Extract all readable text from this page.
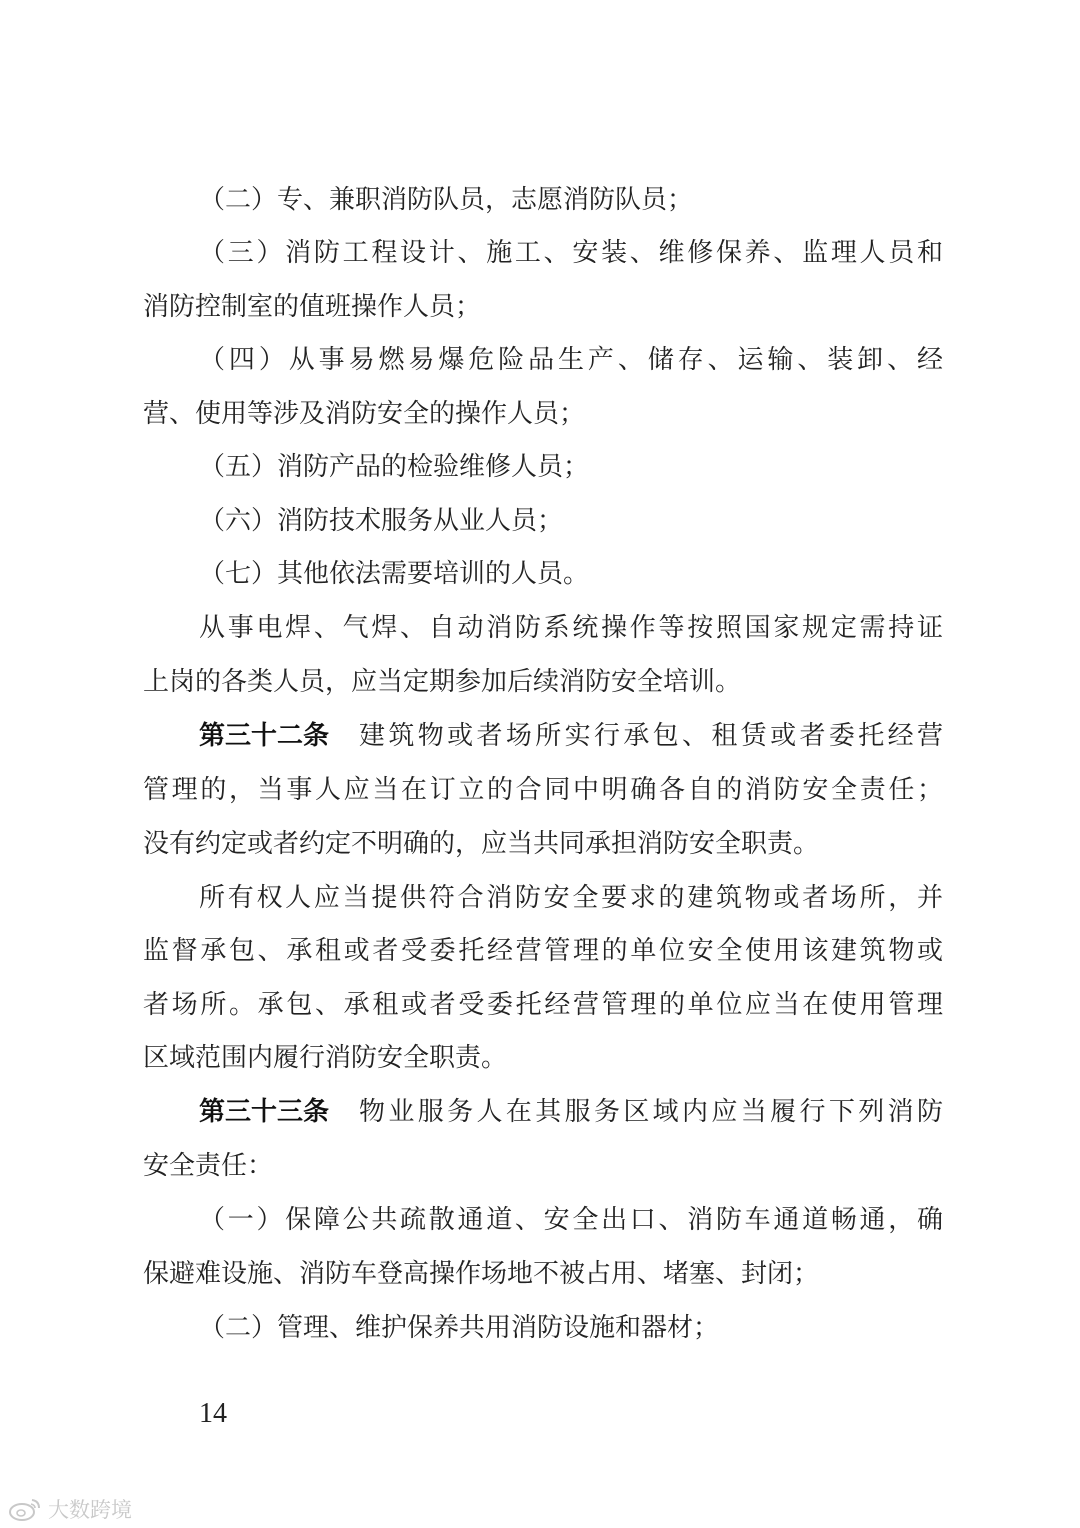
（二）专、兼职消防队员，志愿消防队员；
（三）消防工程设计、施工、安装、维修保养、监理人员和
消防控制室的值班操作人员；
（四）从事易燃易爆危险品生产、储存、运输、装卸、经
营、使用等涉及消防安全的操作人员；
（五）消防产品的检验维修人员；
（六）消防技术服务从业人员；
（七）其他依法需要培训的人员。
从事电焊、气焊、自动消防系统操作等按照国家规定需持证
上岗的各类人员，应当定期参加后续消防安全培训。
第三十二条 建筑物或者场所实行承包、租赁或者委托经营
管理的，当事人应当在订立的合同中明确各自的消防安全责任；
没有约定或者约定不明确的，应当共同承担消防安全职责。
所有权人应当提供符合消防安全要求的建筑物或者场所，并
监督承包、承租或者受委托经营管理的单位安全使用该建筑物或
者场所。承包、承租或者受委托经营管理的单位应当在使用管理
区域范围内履行消防安全职责。
第三十三条 物业服务人在其服务区域内应当履行下列消防
安全责任：
（一）保障公共疏散通道、安全出口、消防车通道畅通，确
保避难设施、消防车登高操作场地不被占用、堵塞、封闭；
（二）管理、维护保养共用消防设施和器材；
14
大数跨境
